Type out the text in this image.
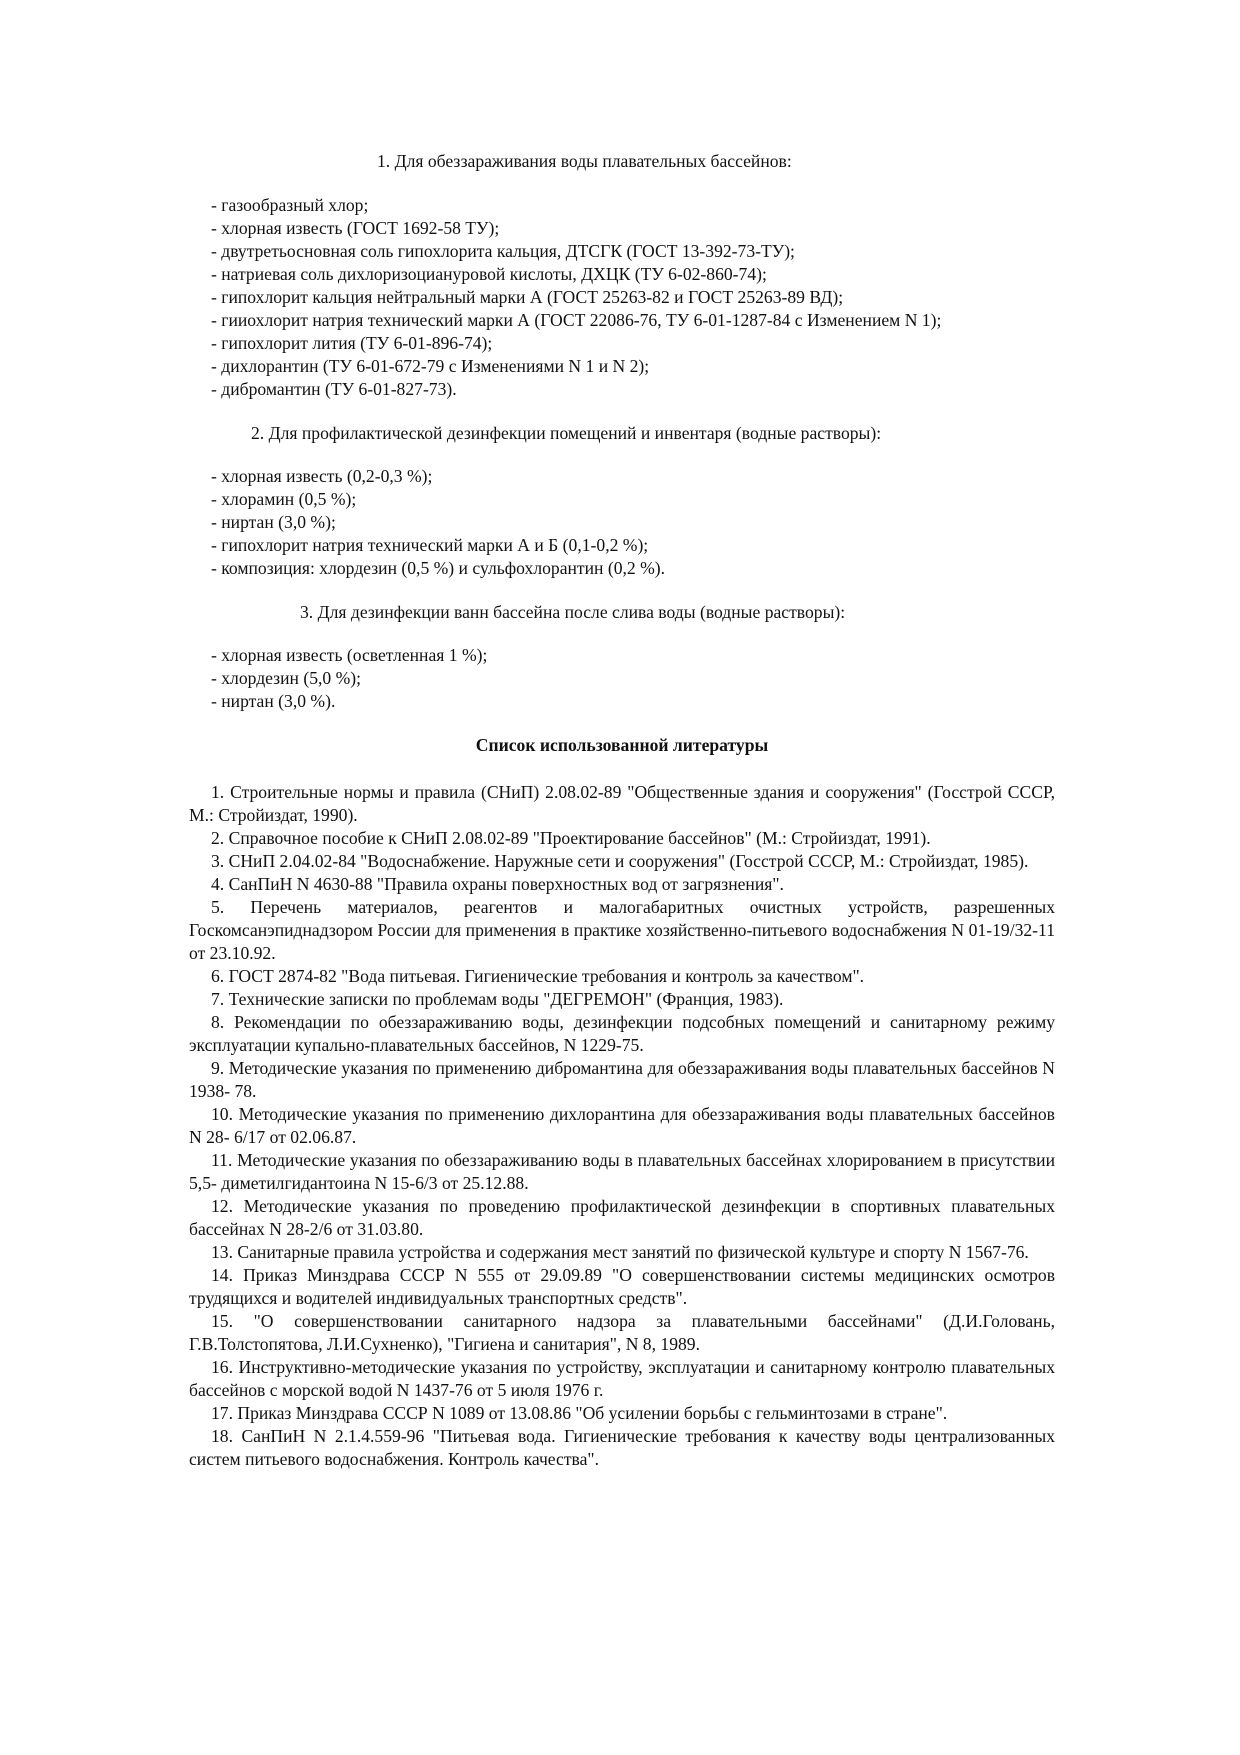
1. Для обеззараживания воды плавательных бассейнов:

- газообразный хлор;
- хлорная известь (ГОСТ 1692-58 ТУ);
- двутретьосновная соль гипохлорита кальция, ДТСГК (ГОСТ 13-392-73-ТУ);
- натриевая соль дихлоризоциануровой кислоты, ДХЦК (ТУ 6-02-860-74);
- гипохлорит кальция нейтральный марки А (ГОСТ 25263-82 и ГОСТ 25263-89 ВД);
- гииохлорит натрия технический марки А (ГОСТ 22086-76, ТУ 6-01-1287-84 с Изменением N 1);
- гипохлорит лития (ТУ 6-01-896-74);
- дихлорантин (ТУ 6-01-672-79 с Изменениями N 1 и N 2);
- дибромантин (ТУ 6-01-827-73).

2. Для профилактической дезинфекции помещений и инвентаря (водные растворы):

- хлорная известь (0,2-0,3 %);
- хлорамин (0,5 %);
- ниртан (3,0 %);
- гипохлорит натрия технический марки А и Б (0,1-0,2 %);
- композиция: хлордезин (0,5 %) и сульфохлорантин (0,2 %).

3. Для дезинфекции ванн бассейна после слива воды (водные растворы):

- хлорная известь (осветленная 1 %);
- хлордезин (5,0 %);
- ниртан (3,0 %).

Список использованной литературы

1. Строительные нормы и правила (СНиП) 2.08.02-89 "Общественные здания и сооружения" (Госстрой СССР, М.: Стройиздат, 1990).
2. Справочное пособие к СНиП 2.08.02-89 "Проектирование бассейнов" (М.: Стройиздат, 1991).
3. СНиП 2.04.02-84 "Водоснабжение. Наружные сети и сооружения" (Госстрой СССР, М.: Стройиздат, 1985).
4. СанПиН N 4630-88 "Правила охраны поверхностных вод от загрязнения".
5. Перечень материалов, реагентов и малогабаритных очистных устройств, разрешенных Госкомсанэпиднадзором России для применения в практике хозяйственно-питьевого водоснабжения N 01-19/32-11 от 23.10.92.
6. ГОСТ 2874-82 "Вода питьевая. Гигиенические требования и контроль за качеством".
7. Технические записки по проблемам воды "ДЕГРЕМОН" (Франция, 1983).
8. Рекомендации по обеззараживанию воды, дезинфекции подсобных помещений и санитарному режиму эксплуатации купально-плавательных бассейнов, N 1229-75.
9. Методические указания по применению дибромантина для обеззараживания воды плавательных бассейнов N 1938- 78.
10. Методические указания по применению дихлорантина для обеззараживания воды плавательных бассейнов N 28- 6/17 от 02.06.87.
11. Методические указания по обеззараживанию воды в плавательных бассейнах хлорированием в присутствии 5,5- диметилгидантоина N 15-6/3 от 25.12.88.
12. Методические указания по проведению профилактической дезинфекции в спортивных плавательных бассейнах N 28-2/6 от 31.03.80.
13. Санитарные правила устройства и содержания мест занятий по физической культуре и спорту N 1567-76.
14. Приказ Минздрава СССР N 555 от 29.09.89 "О совершенствовании системы медицинских осмотров трудящихся и водителей индивидуальных транспортных средств".
15. "О совершенствовании санитарного надзора за плавательными бассейнами" (Д.И.Головань, Г.В.Толстопятова, Л.И.Сухненко), "Гигиена и санитария", N 8, 1989.
16. Инструктивно-методические указания по устройству, эксплуатации и санитарному контролю плавательных бассейнов с морской водой N 1437-76 от 5 июля 1976 г.
17. Приказ Минздрава СССР N 1089 от 13.08.86 "Об усилении борьбы с гельминтозами в стране".
18. СанПиН N 2.1.4.559-96 "Питьевая вода. Гигиенические требования к качеству воды централизованных систем питьевого водоснабжения. Контроль качества".
